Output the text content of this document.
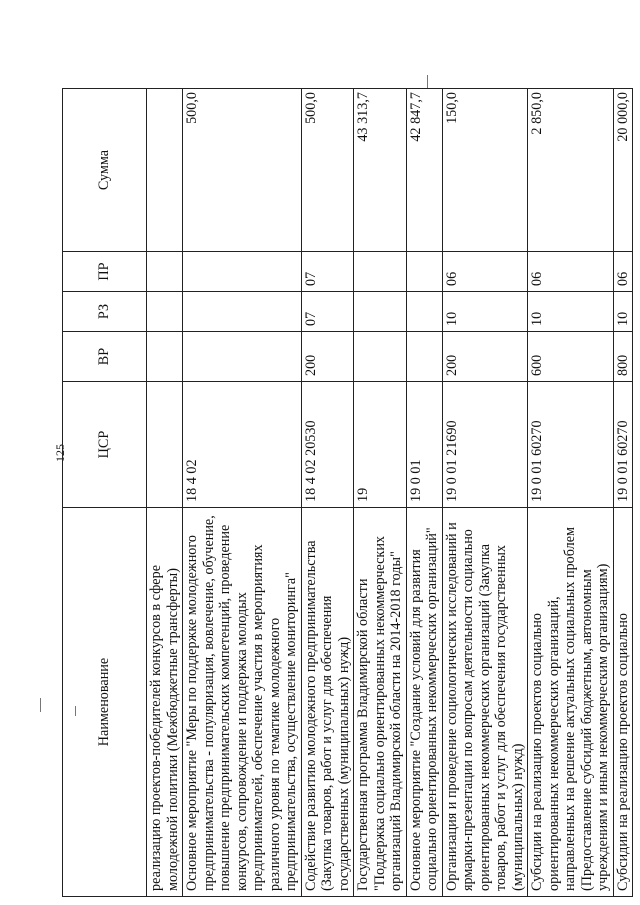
125
Наименование	ЦСР	ВР	РЗ	ПР	Сумма
реализацию проектов-победителей конкурсов в сфере молодежной политики (Межбюджетные трансферты)					
Основное мероприятие "Меры по поддержке молодежного предпринимательства - популяризация, вовлечение, обучение, повышение предпринимательских компетенций, проведение конкурсов, сопровождение и поддержка молодых предпринимателей, обеспечение участия в мероприятиях различного уровня по тематике молодежного предпринимательства, осуществление мониторинга"	18 4 02				500,0
Содействие развитию молодежного предпринимательства (Закупка товаров, работ и услуг для обеспечения государственных (муниципальных) нужд)	18 4 02 20530	200	07	07	500,0
Государственная программа Владимирской области "Поддержка социально ориентированных некоммерческих организаций Владимирской области на 2014-2018 годы"	19				43 313,7
Основное мероприятие "Создание условий для развития социально ориентированных некоммерческих организаций"	19 0 01				42 847,7
Организация и проведение социологических исследований и ярмарки-презентации по вопросам деятельности социально ориентированных некоммерческих организаций (Закупка товаров, работ и услуг для обеспечения государственных (муниципальных) нужд)	19 0 01 21690	200	10	06	150,0
Субсидии на реализацию проектов социально ориентированных некоммерческих организаций, направленных на решение актуальных социальных проблем (Предоставление субсидий бюджетным, автономным учреждениям и иным некоммерческим организациям)	19 0 01 60270	600	10	06	2 850,0
Субсидии на реализацию проектов социально	19 0 01 60270	800	10	06	20 000,0
